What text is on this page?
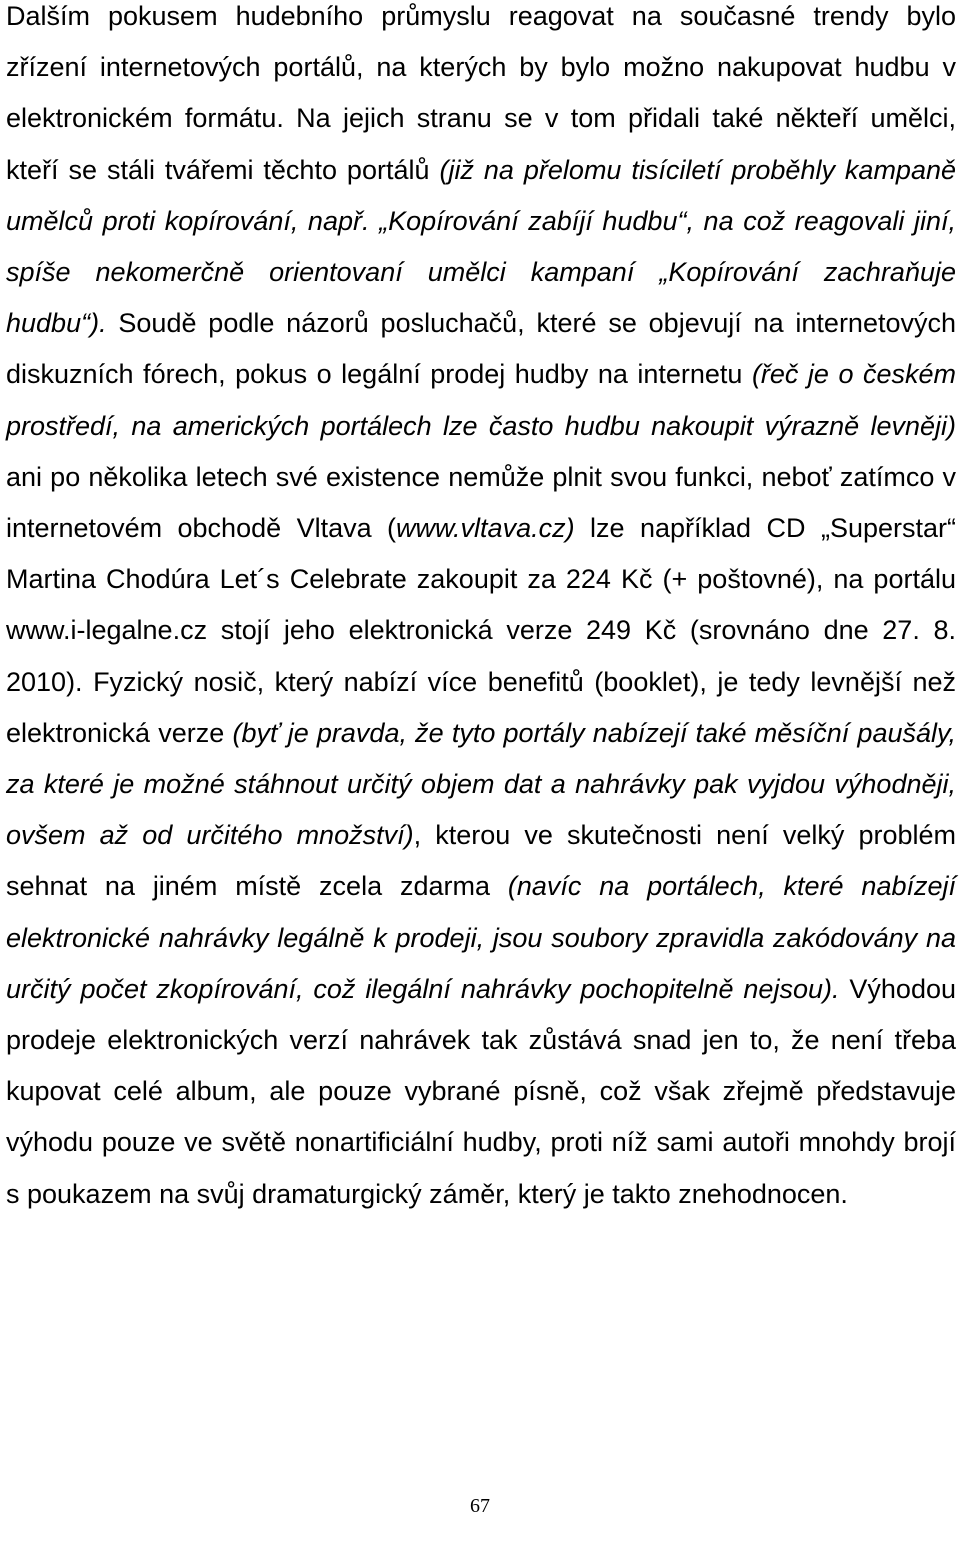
Dalším pokusem hudebního průmyslu reagovat na současné trendy bylo zřízení internetových portálů, na kterých by bylo možno nakupovat hudbu v elektronickém formátu. Na jejich stranu se v tom přidali také někteří umělci, kteří se stáli tvářemi těchto portálů (již na přelomu tisíciletí proběhly kampaně umělců proti kopírování, např. „Kopírování zabíjí hudbu“, na což reagovali jiní, spíše nekomerčně orientovaní umělci kampaní „Kopírování zachraňuje hudbu“). Soudě podle názorů posluchačů, které se objevují na internetových diskuzních fórech, pokus o legální prodej hudby na internetu (řeč je o českém prostředí, na amerických portálech lze často hudbu nakoupit výrazně levněji) ani po několika letech své existence nemůže plnit svou funkci, neboť zatímco v internetovém obchodě Vltava (www.vltava.cz) lze například CD „Superstar“ Martina Chodúra Let´s Celebrate zakoupit za 224 Kč (+ poštovné), na portálu www.i-legalne.cz stojí jeho elektronická verze 249 Kč (srovnáno dne 27. 8. 2010). Fyzický nosič, který nabízí více benefitů (booklet), je tedy levnější než elektronická verze (byť je pravda, že tyto portály nabízejí také měsíční paušály, za které je možné stáhnout určitý objem dat a nahrávky pak vyjdou výhodněji, ovšem až od určitého množství), kterou ve skutečnosti není velký problém sehnat na jiném místě zcela zdarma (navíc na portálech, které nabízejí elektronické nahrávky legálně k prodeji, jsou soubory zpravidla zakódovány na určitý počet zkopírování, což ilegální nahrávky pochopitelně nejsou). Výhodou prodeje elektronických verzí nahrávek tak zůstává snad jen to, že není třeba kupovat celé album, ale pouze vybrané písně, což však zřejmě představuje výhodu pouze ve světě nonartificiální hudby, proti níž sami autoři mnohdy brojí s poukazem na svůj dramaturgický záměr, který je takto znehodnocen.

67
